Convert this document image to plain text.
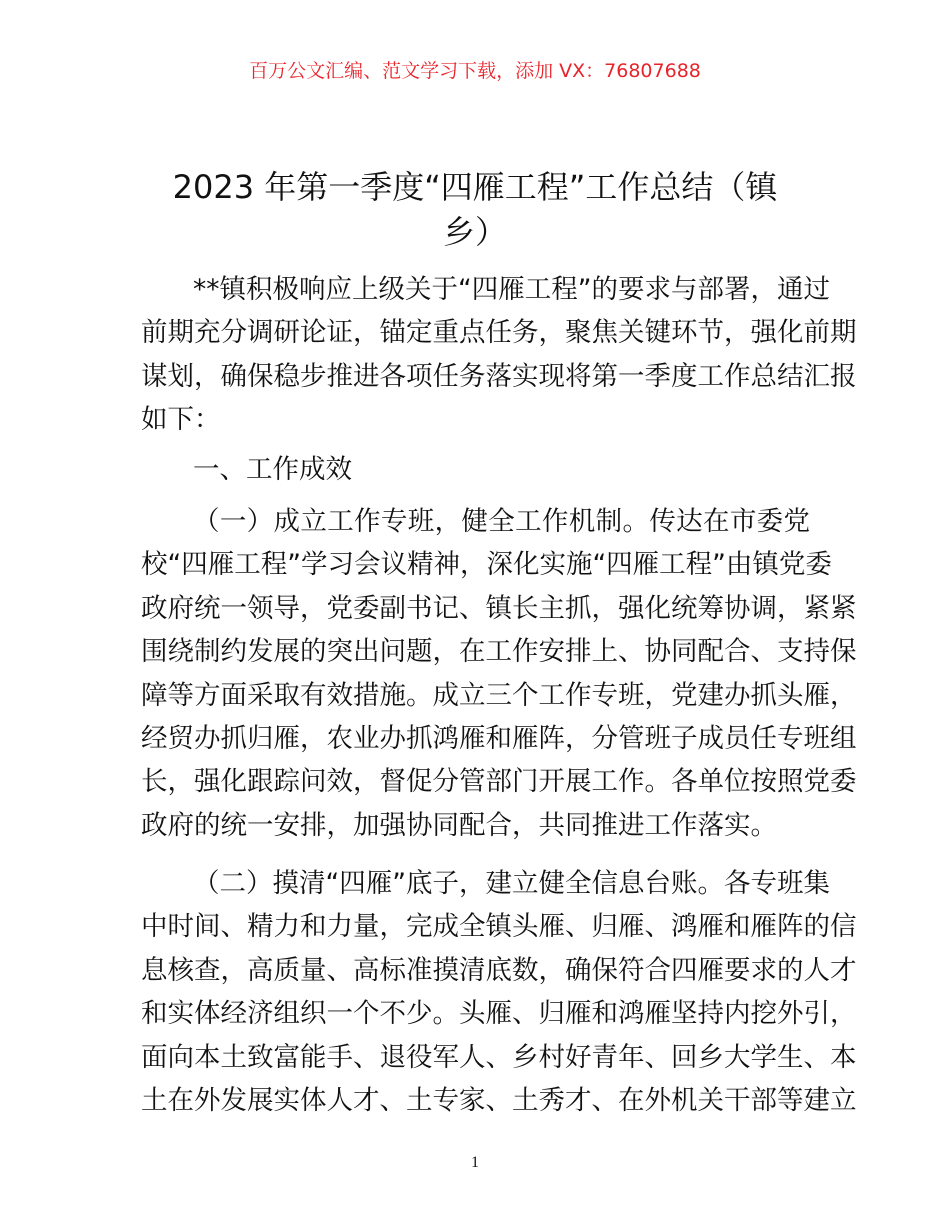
百万公文汇编、范文学习下载，添加 VX：76807688
2023 年第一季度“四雁工程”工作总结（镇
乡）
**镇积极响应上级关于“四雁工程”的要求与部署，通过
前期充分调研论证，锚定重点任务，聚焦关键环节，强化前期
谋划，确保稳步推进各项任务落实现将第一季度工作总结汇报
如下：
一、工作成效
（一）成立工作专班，健全工作机制。传达在市委党
校“四雁工程”学习会议精神，深化实施“四雁工程”由镇党委
政府统一领导，党委副书记、镇长主抓，强化统筹协调，紧紧
围绕制约发展的突出问题，在工作安排上、协同配合、支持保
障等方面采取有效措施。成立三个工作专班，党建办抓头雁，
经贸办抓归雁，农业办抓鸿雁和雁阵，分管班子成员任专班组
长，强化跟踪问效，督促分管部门开展工作。各单位按照党委
政府的统一安排，加强协同配合，共同推进工作落实。
（二）摸清“四雁”底子，建立健全信息台账。各专班集
中时间、精力和力量，完成全镇头雁、归雁、鸿雁和雁阵的信
息核查，高质量、高标准摸清底数，确保符合四雁要求的人才
和实体经济组织一个不少。头雁、归雁和鸿雁坚持内挖外引，
面向本土致富能手、退役军人、乡村好青年、回乡大学生、本
土在外发展实体人才、土专家、土秀才、在外机关干部等建立
1
